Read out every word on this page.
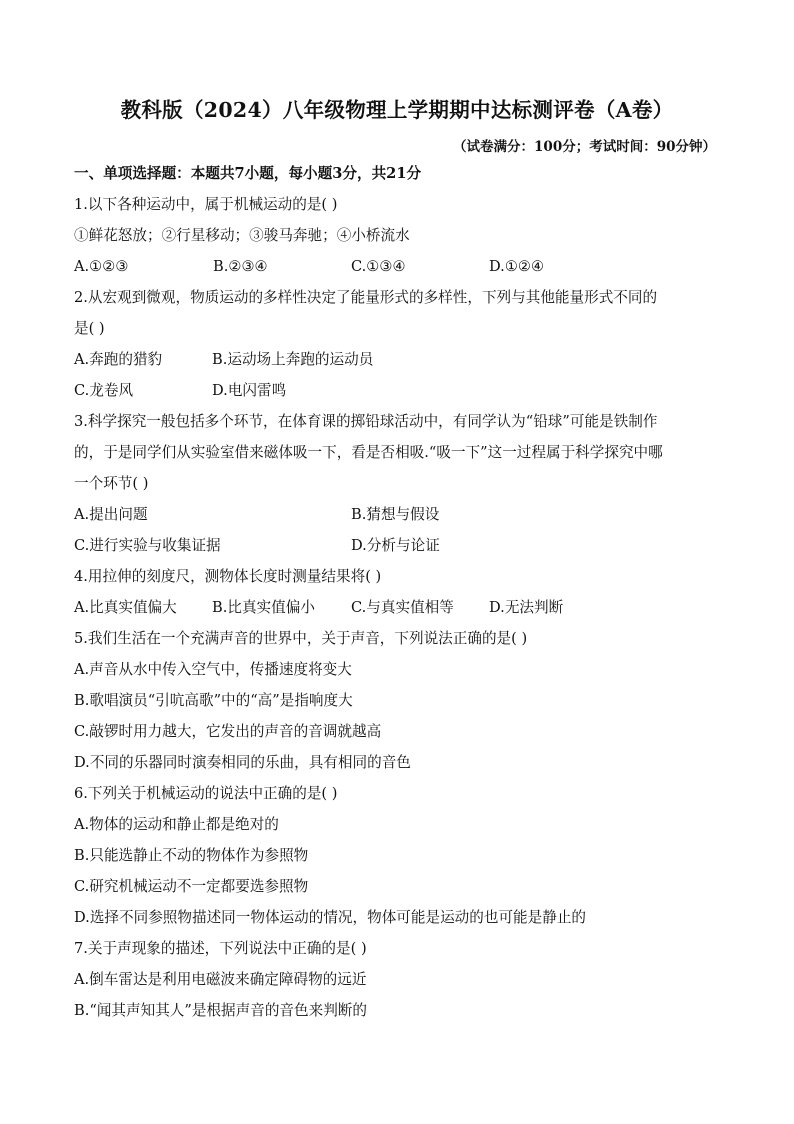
教科版（2024）八年级物理上学期期中达标测评卷（A卷）
（试卷满分：100分；考试时间：90分钟）
一、单项选择题：本题共7小题，每小题3分，共21分
1.以下各种运动中，属于机械运动的是( )
①鲜花怒放；②行星移动；③骏马奔驰；④小桥流水
A.①②③	B.②③④	C.①③④	D.①②④
2.从宏观到微观，物质运动的多样性决定了能量形式的多样性，下列与其他能量形式不同的
是( )
A.奔跑的猎豹	B.运动场上奔跑的运动员
C.龙卷风	D.电闪雷鸣
3.科学探究一般包括多个环节，在体育课的掷铅球活动中，有同学认为“铅球”可能是铁制作
的，于是同学们从实验室借来磁体吸一下，看是否相吸.“吸一下”这一过程属于科学探究中哪
一个环节( )
A.提出问题	B.猜想与假设
C.进行实验与收集证据	D.分析与论证
4.用拉伸的刻度尺，测物体长度时测量结果将( )
A.比真实值偏大 B.比真实值偏小 C.与真实值相等 D.无法判断
5.我们生活在一个充满声音的世界中，关于声音，下列说法正确的是( )
A.声音从水中传入空气中，传播速度将变大
B.歌唱演员“引吭高歌”中的“高”是指响度大
C.敲锣时用力越大，它发出的声音的音调就越高
D.不同的乐器同时演奏相同的乐曲，具有相同的音色
6.下列关于机械运动的说法中正确的是( )
A.物体的运动和静止都是绝对的
B.只能选静止不动的物体作为参照物
C.研究机械运动不一定都要选参照物
D.选择不同参照物描述同一物体运动的情况，物体可能是运动的也可能是静止的
7.关于声现象的描述，下列说法中正确的是( )
A.倒车雷达是利用电磁波来确定障碍物的远近
B.“闻其声知其人”是根据声音的音色来判断的
